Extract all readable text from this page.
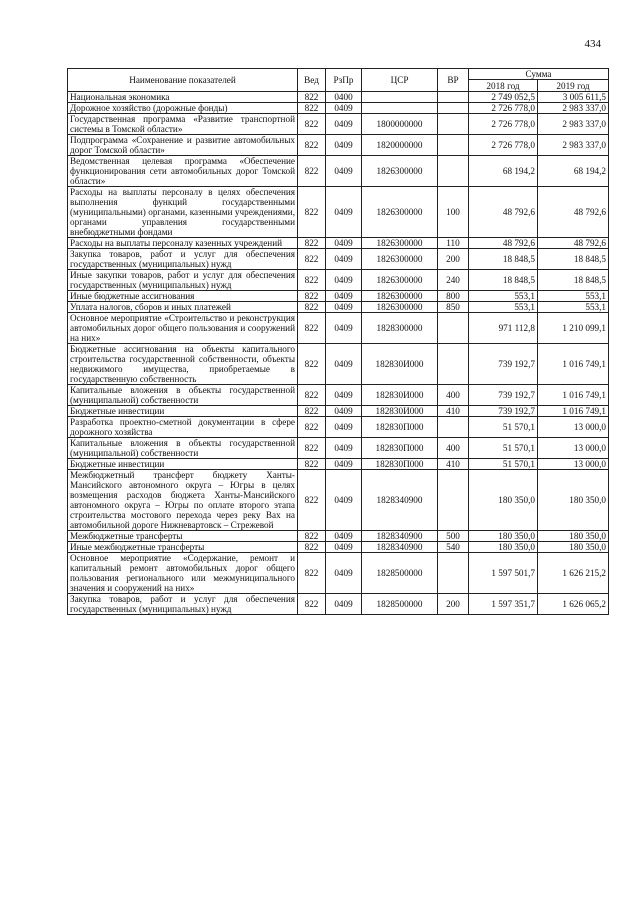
434
Наименование показателей	Вед	РзПр	ЦСР	ВР	Сумма	
					2018 год	2019 год
Национальная экономика	822	0400			2 749 052,5	3 005 611,5
Дорожное хозяйство (дорожные фонды)	822	0409			2 726 778,0	2 983 337,0
Государственная программа «Развитие транспортной системы в Томской области»	822	0409	1800000000		2 726 778,0	2 983 337,0
Подпрограмма «Сохранение и развитие автомобильных дорог Томской области»	822	0409	1820000000		2 726 778,0	2 983 337,0
Ведомственная целевая программа «Обеспечение функционирования сети автомобильных дорог Томской области»	822	0409	1826300000		68 194,2	68 194,2
Расходы на выплаты персоналу в целях обеспечения выполнения функций государственными (муниципальными) органами, казенными учреждениями, органами управления государственными внебюджетными фондами	822	0409	1826300000	100	48 792,6	48 792,6
Расходы на выплаты персоналу казенных учреждений	822	0409	1826300000	110	48 792,6	48 792,6
Закупка товаров, работ и услуг для обеспечения государственных (муниципальных) нужд	822	0409	1826300000	200	18 848,5	18 848,5
Иные закупки товаров, работ и услуг для обеспечения государственных (муниципальных) нужд	822	0409	1826300000	240	18 848,5	18 848,5
Иные бюджетные ассигнования	822	0409	1826300000	800	553,1	553,1
Уплата налогов, сборов и иных платежей	822	0409	1826300000	850	553,1	553,1
Основное мероприятие «Строительство и реконструкция автомобильных дорог общего пользования и сооружений на них»	822	0409	1828300000		971 112,8	1 210 099,1
Бюджетные ассигнования на объекты капитального строительства государственной собственности, объекты недвижимого имущества, приобретаемые в государственную собственность	822	0409	182830И000		739 192,7	1 016 749,1
Капитальные вложения в объекты государственной (муниципальной) собственности	822	0409	182830И000	400	739 192,7	1 016 749,1
Бюджетные инвестиции	822	0409	182830И000	410	739 192,7	1 016 749,1
Разработка проектно-сметной документации в сфере дорожного хозяйства	822	0409	182830П000		51 570,1	13 000,0
Капитальные вложения в объекты государственной (муниципальной) собственности	822	0409	182830П000	400	51 570,1	13 000,0
Бюджетные инвестиции	822	0409	182830П000	410	51 570,1	13 000,0
Межбюджетный трансферт бюджету Ханты-Мансийского автономного округа – Югры в целях возмещения расходов бюджета Ханты-Мансийского автономного округа – Югры по оплате второго этапа строительства мостового перехода через реку Вах на автомобильной дороге Нижневартовск – Стрежевой	822	0409	1828340900		180 350,0	180 350,0
Межбюджетные трансферты	822	0409	1828340900	500	180 350,0	180 350,0
Иные межбюджетные трансферты	822	0409	1828340900	540	180 350,0	180 350,0
Основное мероприятие «Содержание, ремонт и капитальный ремонт автомобильных дорог общего пользования регионального или межмуниципального значения и сооружений на них»	822	0409	1828500000		1 597 501,7	1 626 215,2
Закупка товаров, работ и услуг для обеспечения государственных (муниципальных) нужд	822	0409	1828500000	200	1 597 351,7	1 626 065,2
